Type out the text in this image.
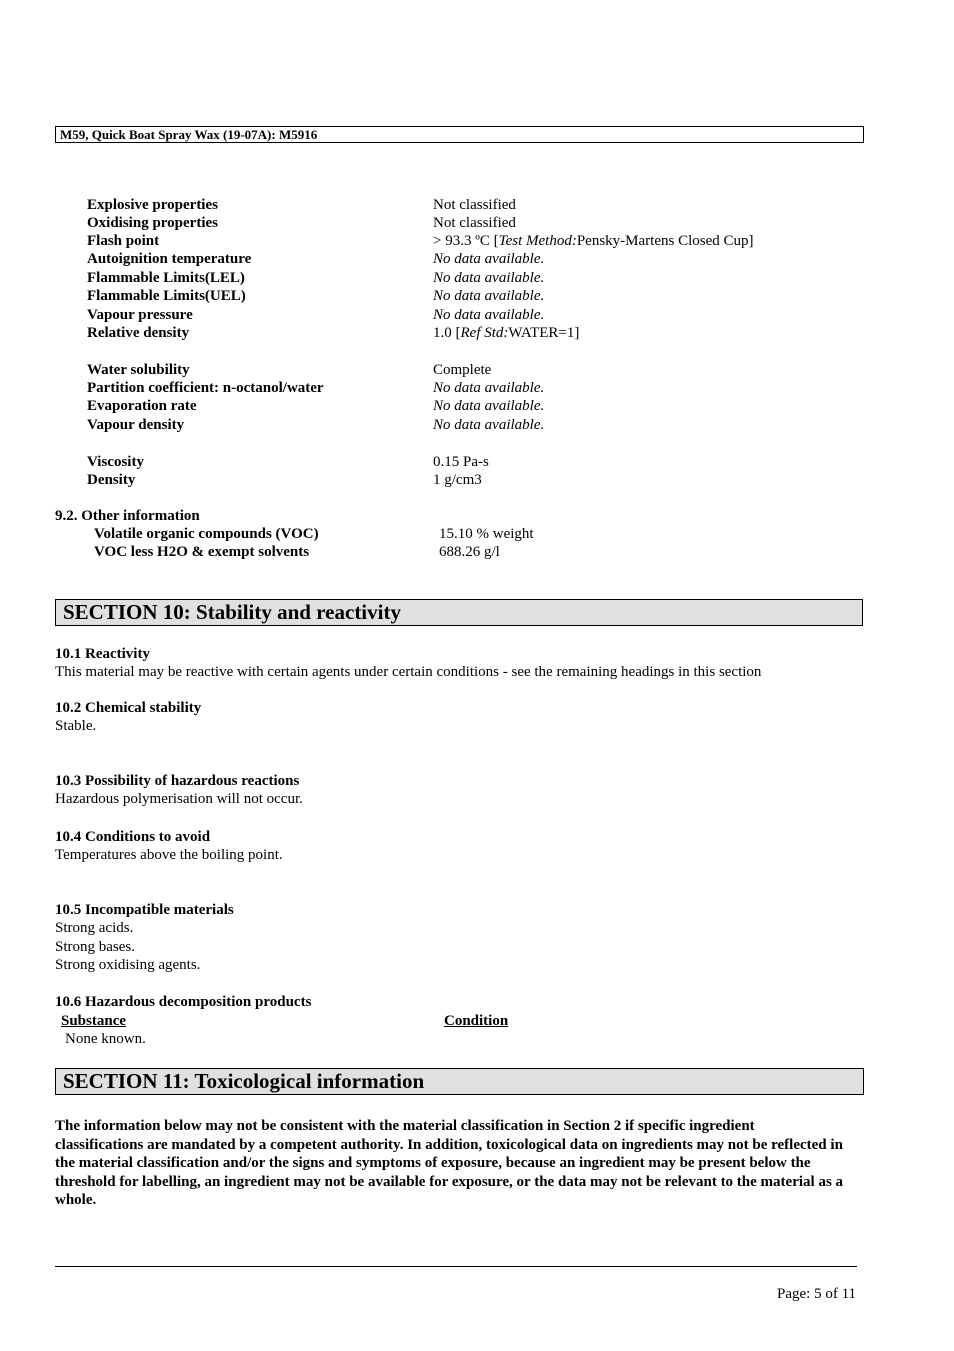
M59, Quick Boat Spray Wax (19-07A): M5916
Explosive properties	Not classified
Oxidising properties	Not classified
Flash point	> 93.3 ºC [Test Method:Pensky-Martens Closed Cup]
Autoignition temperature	No data available.
Flammable Limits(LEL)	No data available.
Flammable Limits(UEL)	No data available.
Vapour pressure	No data available.
Relative density	1.0 [Ref Std:WATER=1]
Water solubility	Complete
Partition coefficient: n-octanol/water	No data available.
Evaporation rate	No data available.
Vapour density	No data available.
Viscosity	0.15 Pa-s
Density	1 g/cm3
9.2. Other information
Volatile organic compounds (VOC)	15.10 % weight
VOC less H2O & exempt solvents	688.26 g/l
SECTION 10: Stability and reactivity
10.1 Reactivity
This material may be reactive with certain agents under certain conditions - see the remaining headings in this section
10.2 Chemical stability
Stable.
10.3 Possibility of hazardous reactions
Hazardous polymerisation will not occur.
10.4 Conditions to avoid
Temperatures above the boiling point.
10.5 Incompatible materials
Strong acids.
Strong bases.
Strong oxidising agents.
10.6 Hazardous decomposition products
Substance	Condition
None known.
SECTION 11: Toxicological information
The information below may not be consistent with the material classification in Section 2 if specific ingredient classifications are mandated by a competent authority. In addition, toxicological data on ingredients may not be reflected in the material classification and/or the signs and symptoms of exposure, because an ingredient may be present below the threshold for labelling, an ingredient may not be available for exposure, or the data may not be relevant to the material as a whole.
Page: 5 of 11
